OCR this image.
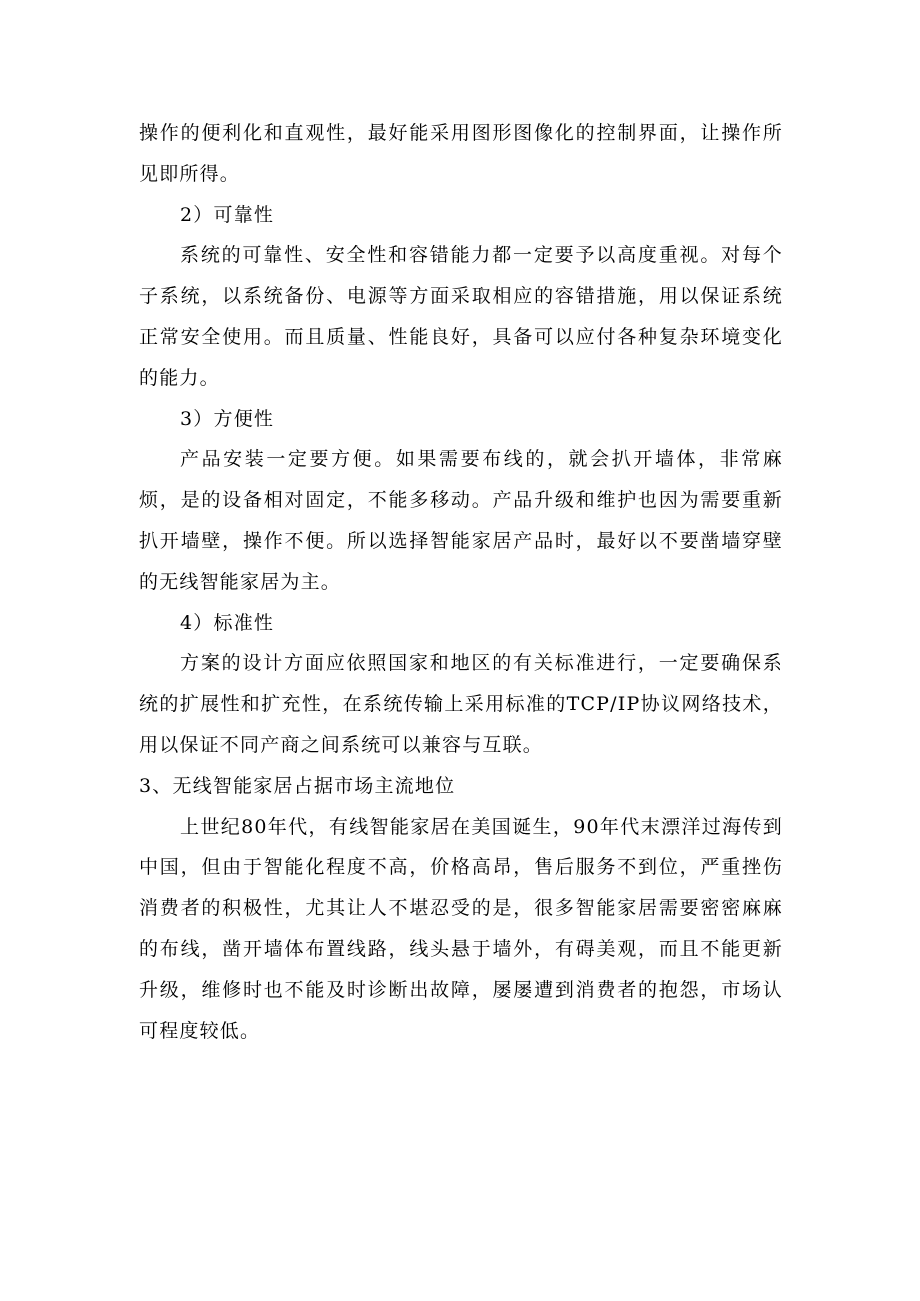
操作的便利化和直观性，最好能采用图形图像化的控制界面，让操作所见即所得。

2）可靠性

系统的可靠性、安全性和容错能力都一定要予以高度重视。对每个子系统，以系统备份、电源等方面采取相应的容错措施，用以保证系统正常安全使用。而且质量、性能良好，具备可以应付各种复杂环境变化的能力。

3）方便性

产品安装一定要方便。如果需要布线的，就会扒开墙体，非常麻烦，是的设备相对固定，不能多移动。产品升级和维护也因为需要重新扒开墙壁，操作不便。所以选择智能家居产品时，最好以不要凿墙穿壁的无线智能家居为主。

4）标准性

方案的设计方面应依照国家和地区的有关标准进行，一定要确保系统的扩展性和扩充性，在系统传输上采用标准的TCP/IP协议网络技术，用以保证不同产商之间系统可以兼容与互联。

3、无线智能家居占据市场主流地位

上世纪80年代，有线智能家居在美国诞生，90年代末漂洋过海传到中国，但由于智能化程度不高，价格高昂，售后服务不到位，严重挫伤消费者的积极性，尤其让人不堪忍受的是，很多智能家居需要密密麻麻的布线，凿开墙体布置线路，线头悬于墙外，有碍美观，而且不能更新升级，维修时也不能及时诊断出故障，屡屡遭到消费者的抱怨，市场认可程度较低。
